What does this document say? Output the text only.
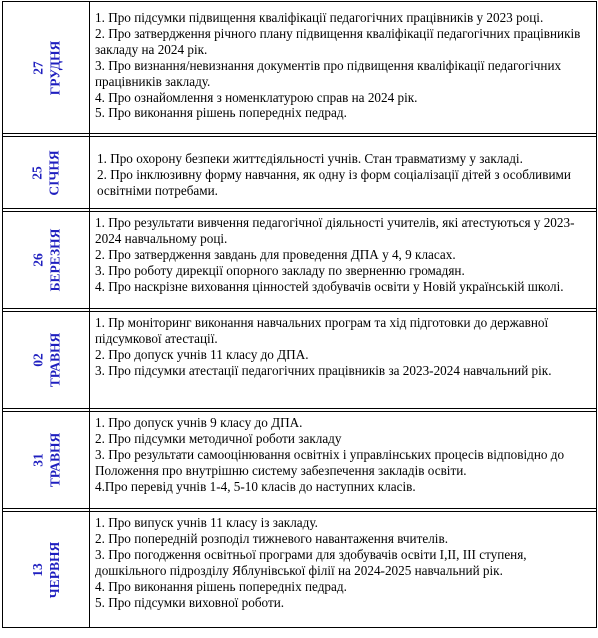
27 ГРУДНЯ	1. Про підсумки підвищення кваліфікації педагогічних працівників у 2023 році.
2. Про затвердження річного плану підвищення кваліфікації педагогічних працівників закладу на 2024 рік.
3. Про визнання/невизнання документів про підвищення кваліфікації педагогічних працівників закладу.
4. Про ознайомлення з номенклатурою справ на 2024 рік.
5. Про виконання рішень попередніх педрад.

25 СІЧНЯ	1. Про охорону безпеки життєдіяльності учнів. Стан травматизму у закладі.
2. Про інклюзивну форму навчання, як одну із форм соціалізації дітей з особливими освітніми потребами.

26 БЕРЕЗНЯ	1. Про результати вивчення педагогічної діяльності учителів, які атестуються у 2023- 2024 навчальному році.
2. Про затвердження завдань для проведення ДПА у 4, 9 класах.
3. Про роботу дирекції опорного закладу по зверненню громадян.
4. Про наскрізне виховання цінностей здобувачів освіти у Новій українській школі.

02 ТРАВНЯ	1. Пр моніторинг виконання навчальних програм та хід підготовки до державної підсумкової атестації.
2. Про допуск учнів 11 класу до ДПА.
3. Про підсумки атестації педагогічних працівників за 2023-2024 навчальний рік.

31 ТРАВНЯ	1. Про допуск учнів 9 класу до ДПА.
2. Про підсумки методичної роботи закладу
3. Про результати самооцінювання освітніх і управлінських процесів відповідно до Положення про внутрішню систему забезпечення закладів освіти.
4.Про перевід учнів 1-4, 5-10 класів до наступних класів.

13 ЧЕРВНЯ	1. Про випуск учнів 11 класу із закладу.
2. Про попередній розподіл тижневого навантаження вчителів.
3. Про погодження освітньої програми для здобувачів освіти І,ІІ, ІІІ ступеня, дошкільного підрозділу Яблунівської філії на 2024-2025 навчальний рік.
4. Про виконання рішень попередніх педрад.
5. Про підсумки виховної роботи.
